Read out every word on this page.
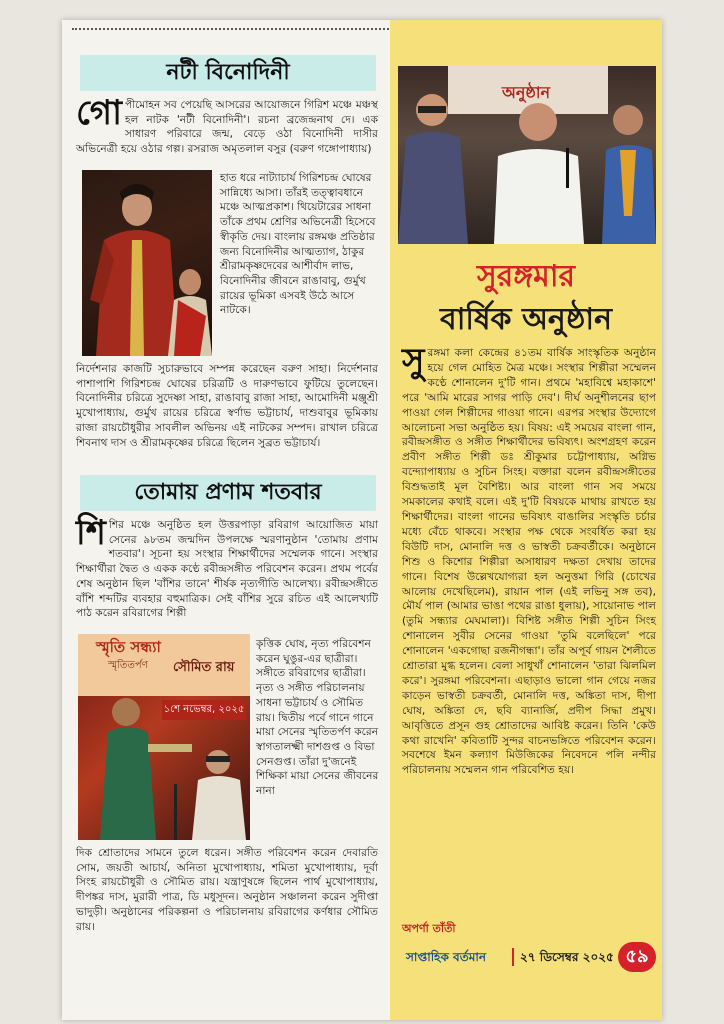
নটী বিনোদিনী
গোপীমোহন সব পেয়েছি আসরের আয়োজনে গিরিশ মঞ্চে মঞ্চস্থ হল নাটক 'নটী বিনোদিনী'। রচনা ব্রজেন্দ্রনাথ দে। এক সাধারণ পরিবারে জন্ম, বেড়ে ওঠা বিনোদিনী দাসীর অভিনেত্রী হয়ে ওঠার গল্প। রসরাজ অমৃতলাল বসুর (বরুণ গঙ্গোপাধ্যায়)
হাত ধরে নাট্যাচার্য গিরিশচন্দ্র ঘোষের সান্নিধ্যে আসা। তাঁরই তত্ত্বাবধানে মঞ্চে আত্মপ্রকাশ। থিয়েটারের সাধনা তাঁকে প্রথম শ্রেণির অভিনেত্রী হিসেবে স্বীকৃতি দেয়। বাংলায় রঙ্গমঞ্চ প্রতিষ্ঠার জন্য বিনোদিনীর আত্মত্যাগ, ঠাকুর শ্রীরামকৃষ্ণদেবের আশীর্বাদ লাভ, বিনোদিনীর জীবনে রাঙাবাবু, গুর্মুখ রায়ের ভূমিকা এসবই উঠে আসে নাটকে।
নির্দেশনার কাজটি সুচারুভাবে সম্পন্ন করেছেন বরুণ সাহা। নির্দেশনার পাশাপাশি গিরিশচন্দ্র ঘোষের চরিত্রটি ও দারুণভাবে ফুটিয়ে তুলেছেন। বিনোদিনীর চরিত্রে সুদেষ্ণা সাহা, রাঙাবাবু রাজা সাহা, আমোদিনী মঞ্জুশ্রী মুখোপাধ্যায়, গুর্মুখ রায়ের চরিত্রে স্বর্ণাভ ভট্টাচার্য, দাশুবাবুর ভূমিকায় রাজা রায়চৌধুরীর সাবলীল অভিনয় এই নাটকের সম্পদ। রাখাল চরিত্রে শিবনাথ দাস ও শ্রীরামকৃষ্ণের চরিত্রে ছিলেন সুব্রত ভট্টাচার্য।
তোমায় প্রণাম শতবার
শিশির মঞ্চে অনুষ্ঠিত হল উত্তরপাড়া রবিরাগ আয়োজিত মায়া সেনের ৯৮তম জন্মদিন উপলক্ষে স্মরণানুষ্ঠান 'তোমায় প্রণাম শতবার'। সূচনা হয় সংস্থার শিক্ষার্থীদের সম্মেলক গানে। সংস্থার শিক্ষার্থীরা দ্বৈত ও একক কণ্ঠে রবীন্দ্রসঙ্গীত পরিবেশন করেন। প্রথম পর্বের শেষ অনুষ্ঠান ছিল 'বাঁশির তানে' শীর্ষক নৃত্যগীতি আলেখ্য। রবীন্দ্রসঙ্গীতে বাঁশি শব্দটির ব্যবহার বহুমাত্রিক। সেই বাঁশির সুরে রচিত এই আলেখ্যটি পাঠ করেন রবিরাগের শিল্পী
স্মৃতি সন্ধ্যা
স্মৃতিতর্পণ সৌমিত রায়
১শে নভেম্বর, ২০২৫
কৃত্তিক ঘোষ, নৃত্য পরিবেশন করেন ঘুঙুর-এর ছাত্রীরা। সঙ্গীতে রবিরাগের ছাত্রীরা। নৃত্য ও সঙ্গীত পরিচালনায় সাধনা ভট্টাচার্য ও সৌমিত রায়। দ্বিতীয় পর্বে গানে গানে মায়া সেনের স্মৃতিতর্পণ করেন স্বাগতালক্ষ্মী দাশগুপ্ত ও বিভা সেনগুপ্ত। তাঁরা দু'জনেই শিক্ষিকা মায়া সেনের জীবনের নানা
দিক শ্রোতাদের সামনে তুলে ধরেন। সঙ্গীত পরিবেশন করেন দেবারতি সোম, জয়তী আচার্য, অনিতা মুখোপাধ্যায়, শমিতা মুখোপাধ্যায়, দূর্বা সিংহ রায়চৌধুরী ও সৌমিত রায়। যন্ত্রাণুষঙ্গে ছিলেন পার্থ মুখোপাধ্যায়, দীপঙ্কর দাস, মুরারী পাত্র, ডি মধুসূদন। অনুষ্ঠান সঞ্চালনা করেন সুদীপ্তা ভাদুড়ী। অনুষ্ঠানের পরিকল্পনা ও পরিচালনায় রবিরাগের কর্ণধার সৌমিত রায়।
অনুষ্ঠান
সুরঙ্গমার
বার্ষিক অনুষ্ঠান
সুরঙ্গমা কলা কেন্দ্রের ৪১তম বার্ষিক সাংস্কৃতিক অনুষ্ঠান হয়ে গেল মোহিত মৈত্র মঞ্চে। সংস্থার শিল্পীরা সম্মেলন কণ্ঠে শোনালেন দু'টি গান। প্রথমে 'মহাবিশ্বে মহাকাশে' পরে 'আমি মারের সাগর পাড়ি দেব'। দীর্ঘ অনুশীলনের ছাপ পাওয়া গেল শিল্পীদের গাওয়া গানে। এরপর সংস্থার উদ্যোগে আলোচনা সভা অনুষ্ঠিত হয়। বিষয়: এই সময়ের বাংলা গান, রবীন্দ্রসঙ্গীত ও সঙ্গীত শিক্ষার্থীদের ভবিষ্যৎ। অংশগ্রহণ করেন প্রবীণ সঙ্গীত শিল্পী ডঃ শ্রীকুমার চট্টোপাধ্যায়, অগ্নিভ বন্দ্যোপাধ্যায় ও সুচিন সিংহ। বক্তারা বলেন রবীন্দ্রসঙ্গীতের বিশুদ্ধতাই মূল বৈশিষ্ট্য। আর বাংলা গান সব সময়ে সমকালের কথাই বলে। এই দু'টি বিষয়কে মাথায় রাখতে হয় শিক্ষার্থীদের। বাংলা গানের ভবিষ্যৎ বাঙালির সংস্কৃতি চর্চার মধ্যে বেঁচে থাকবে। সংস্থার পক্ষ থেকে সংবর্ধিত করা হয় বিউটি দাস, মোনালি দত্ত ও ভাস্বতী চক্রবর্তীকে। অনুষ্ঠানে শিশু ও কিশোর শিল্পীরা অসাধারণ দক্ষতা দেখায় তাদের গানে। বিশেষ উল্লেখযোগ্যরা হল অনুত্তমা গিরি (চোখের আলোয় দেখেছিলেম), রায়ান পাল (এই লভিনু সঙ্গ তব), মৌর্য পাল (আমার ভাঙা পথের রাঙা ধুলায়), সায়োনাভ পাল (তুমি সন্ধ্যার মেঘমালা)। বিশিষ্ট সঙ্গীত শিল্পী সুচিন সিংহ শোনালেন সুবীর সেনের গাওয়া 'তুমি বলেছিলে' পরে শোনালেন 'একগোছা রজনীগন্ধা'। তাঁর অপূর্ব গায়ন শৈলীতে শ্রোতারা মুগ্ধ হলেন। বেলা সাধুখাঁ শোনালেন 'তারা ঝিলমিল করে'। সুরঙ্গমা পরিবেশনা। এছাড়াও ভালো গান গেয়ে নজর কাড়েন ভাস্বতী চক্রবর্তী, মোনালি দত্ত, অঙ্কিতা দাস, দীপা ঘোষ, অঙ্কিতা দে, ছবি ব্যানার্জি, প্রদীপ সিদ্ধা প্রমুখ। আবৃত্তিতে প্রসূন গুহ শ্রোতাদের আবিষ্ট করেন। তিনি 'কেউ কথা রাখেনি' কবিতাটি সুন্দর বাচনভঙ্গিতে পরিবেশন করেন। সবশেষে ইমন কল্যাণ মিউজিকের নিবেদনে পলি নন্দীর পরিচালনায় সম্মেলন গান পরিবেশিত হয়।
অপর্ণা তাঁতী
সাপ্তাহিক বর্তমান	২৭ ডিসেম্বর ২০২৫ ৫৯
